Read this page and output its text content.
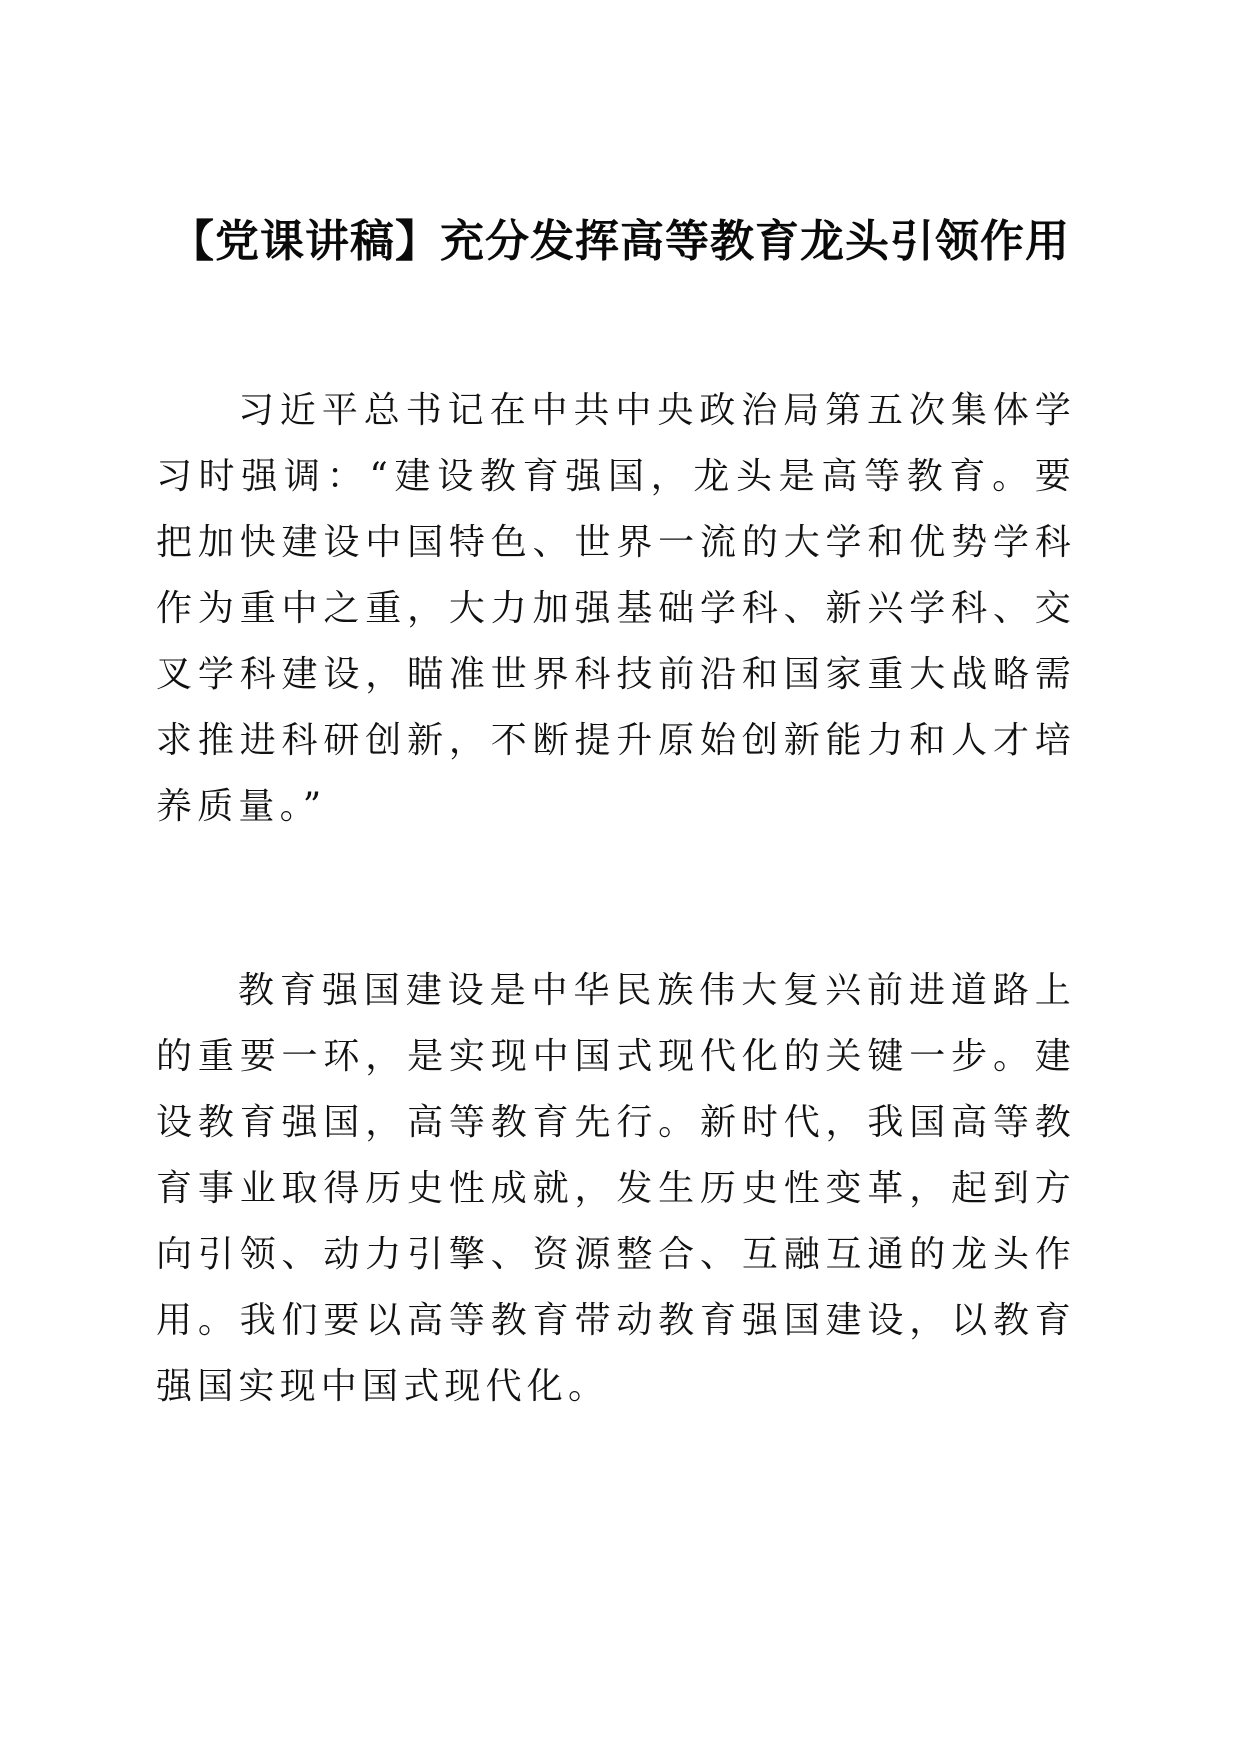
【党课讲稿】充分发挥高等教育龙头引领作用

习近平总书记在中共中央政治局第五次集体学习时强调：“建设教育强国，龙头是高等教育。要把加快建设中国特色、世界一流的大学和优势学科作为重中之重，大力加强基础学科、新兴学科、交叉学科建设，瞄准世界科技前沿和国家重大战略需求推进科研创新，不断提升原始创新能力和人才培养质量。”

教育强国建设是中华民族伟大复兴前进道路上的重要一环，是实现中国式现代化的关键一步。建设教育强国，高等教育先行。新时代，我国高等教育事业取得历史性成就，发生历史性变革，起到方向引领、动力引擎、资源整合、互融互通的龙头作用。我们要以高等教育带动教育强国建设，以教育强国实现中国式现代化。
